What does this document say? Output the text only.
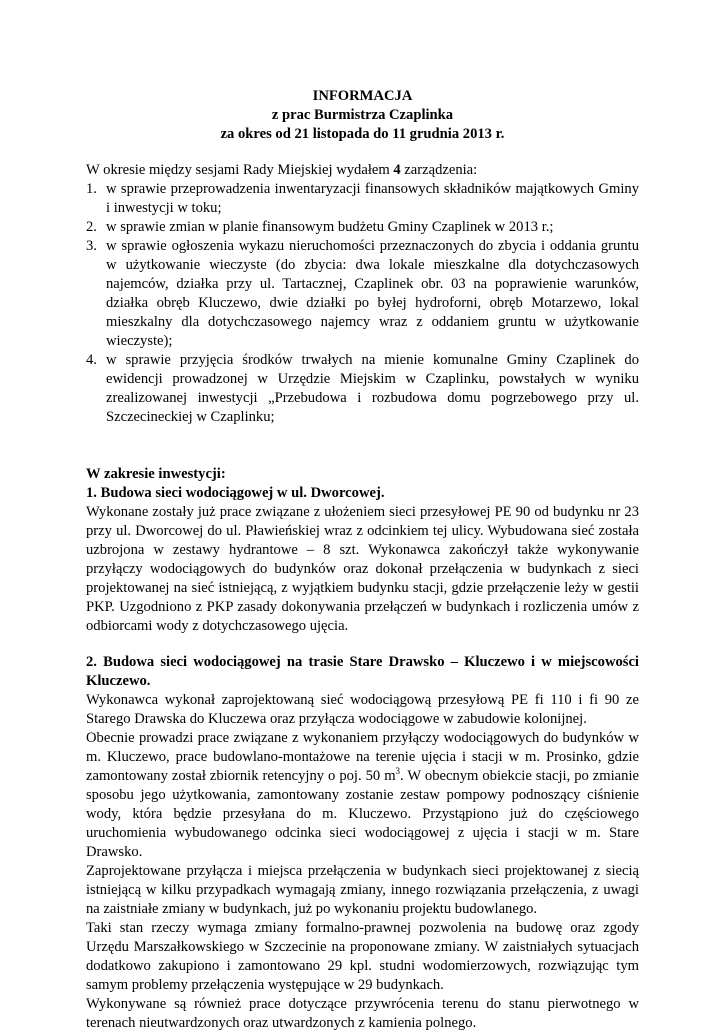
INFORMACJA
z prac Burmistrza Czaplinka
za okres od 21 listopada do 11 grudnia 2013 r.

W okresie między sesjami Rady Miejskiej wydałem 4 zarządzenia:

1. w sprawie przeprowadzenia inwentaryzacji finansowych składników majątkowych Gminy i inwestycji w toku;
2. w sprawie zmian w planie finansowym budżetu Gminy Czaplinek w 2013 r.;
3. w sprawie ogłoszenia wykazu nieruchomości przeznaczonych do zbycia i oddania gruntu w użytkowanie wieczyste (do zbycia: dwa lokale mieszkalne dla dotychczasowych najemców, działka przy ul. Tartacznej, Czaplinek obr. 03 na poprawienie warunków, działka obręb Kluczewo, dwie działki po byłej hydroforni, obręb Motarzewo, lokal mieszkalny dla dotychczasowego najemcy wraz z oddaniem gruntu w użytkowanie wieczyste);
4. w sprawie przyjęcia środków trwałych na mienie komunalne Gminy Czaplinek do ewidencji prowadzonej w Urzędzie Miejskim w Czaplinku, powstałych w wyniku zrealizowanej inwestycji „Przebudowa i rozbudowa domu pogrzebowego przy ul. Szczecineckiej w Czaplinku;

W zakresie inwestycji:

1. Budowa sieci wodociągowej w ul. Dworcowej.

Wykonane zostały już prace związane z ułożeniem sieci przesyłowej PE 90 od budynku nr 23 przy ul. Dworcowej do ul. Pławieńskiej wraz z odcinkiem tej ulicy. Wybudowana sieć została uzbrojona w zestawy hydrantowe – 8 szt. Wykonawca zakończył także wykonywanie przyłączy wodociągowych do budynków oraz dokonał przełączenia w budynkach z sieci projektowanej na sieć istniejącą, z wyjątkiem budynku stacji, gdzie przełączenie leży w gestii PKP. Uzgodniono z PKP zasady dokonywania przełączeń w budynkach i rozliczenia umów z odbiorcami wody z dotychczasowego ujęcia.

2. Budowa sieci wodociągowej na trasie Stare Drawsko – Kluczewo i w miejscowości Kluczewo.

Wykonawca wykonał zaprojektowaną sieć wodociągową przesyłową PE fi 110 i fi 90 ze Starego Drawska do Kluczewa oraz przyłącza wodociągowe w zabudowie kolonijnej.

Obecnie prowadzi prace związane z wykonaniem przyłączy wodociągowych do budynków w m. Kluczewo, prace budowlano-montażowe na terenie ujęcia i stacji w m. Prosinko, gdzie zamontowany został zbiornik retencyjny o poj. 50 $m^3$. W obecnym obiekcie stacji, po zmianie sposobu jego użytkowania, zamontowany zostanie zestaw pompowy podnoszący ciśnienie wody, która będzie przesyłana do m. Kluczewo. Przystąpiono już do częściowego uruchomienia wybudowanego odcinka sieci wodociągowej z ujęcia i stacji w m. Stare Drawsko.

Zaprojektowane przyłącza i miejsca przełączenia w budynkach sieci projektowanej z siecią istniejącą w kilku przypadkach wymagają zmiany, innego rozwiązania przełączenia, z uwagi na zaistniałe zmiany w budynkach, już po wykonaniu projektu budowlanego.

Taki stan rzeczy wymaga zmiany formalno-prawnej pozwolenia na budowę oraz zgody Urzędu Marszałkowskiego w Szczecinie na proponowane zmiany. W zaistniałych sytuacjach dodatkowo zakupiono i zamontowano 29 kpl. studni wodomierzowych, rozwiązując tym samym problemy przełączenia występujące w 29 budynkach.

Wykonywane są również prace dotyczące przywrócenia terenu do stanu pierwotnego w terenach nieutwardzonych oraz utwardzonych z kamienia polnego.
